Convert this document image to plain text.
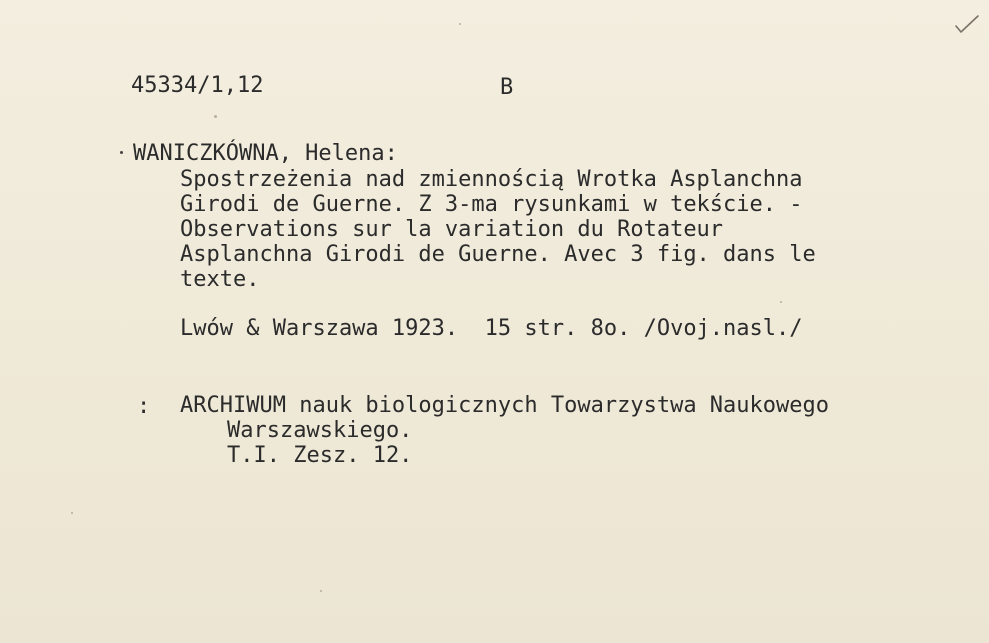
45334/1,12	B
WANICZKÓWNA, Helena:
Spostrzeżenia nad zmiennością Wrotka Asplanchna
Girodi de Guerne. Z 3-ma rysunkami w tekście. -
Observations sur la variation du Rotateur
Asplanchna Girodi de Guerne. Avec 3 fig. dans le
texte.
Lwów & Warszawa 1923.  15 str. 8o. /Ovoj.nasl./
: ARCHIWUM nauk biologicznych Towarzystwa Naukowego
Warszawskiego.
T.I. Zesz. 12.
